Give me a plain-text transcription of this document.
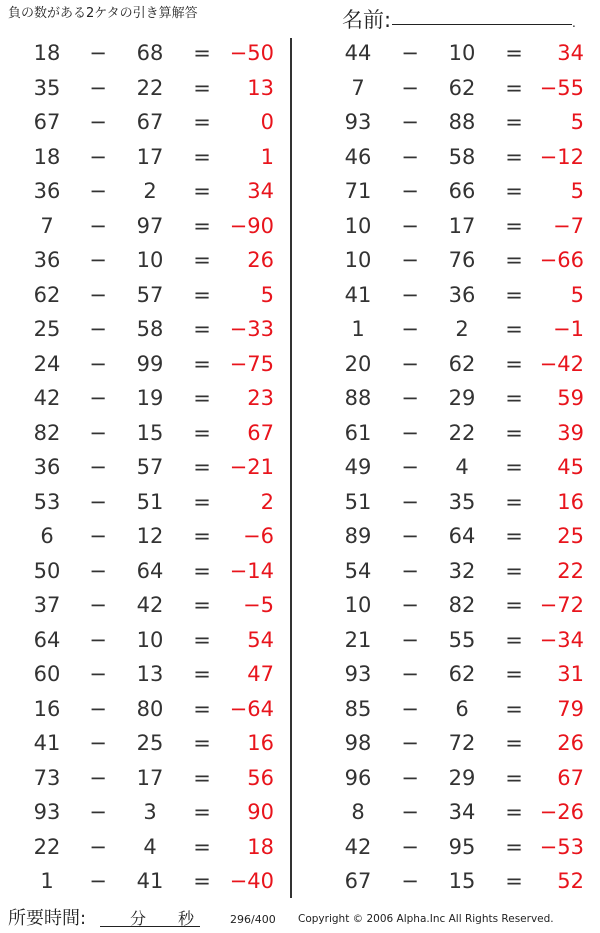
負の数がある2ケタの引き算解答	名前:	.
18	−	68	= −50
35	−	22	=	13
67	−	67	=	0
18	−	17	=	1
36	−	2	=	34
7	−	97	= −90
36	−	10	=	26
62	−	57	=	5
25	−	58	= −33
24	−	99	= −75
42	−	19	=	23
82	−	15	=	67
36	−	57	= −21
53	−	51	=	2
6	−	12	=	−6
50	−	64	= −14
37	−	42	=	−5
64	−	10	=	54
60	−	13	=	47
16	−	80	= −64
41	−	25	=	16
73	−	17	=	56
93	−	3	=	90
22	−	4	=	18
1	−	41	= −40
44	−	10	=	34
7	−	62	= −55
93	−	88	=	5
46	−	58	= −12
71	−	66	=	5
10	−	17	=	−7
10	−	76	= −66
41	−	36	=	5
1	−	2	=	−1
20	−	62	= −42
88	−	29	=	59
61	−	22	=	39
49	−	4	=	45
51	−	35	=	16
89	−	64	=	25
54	−	32	=	22
10	−	82	= −72
21	−	55	= −34
93	−	62	=	31
85	−	6	=	79
98	−	72	=	26
96	−	29	=	67
8	−	34	= −26
42	−	95	= −53
67	−	15	=	52
所要時間:	分 秒	296/400 Copyright © 2006 Alpha.Inc All Rights Reserved.
